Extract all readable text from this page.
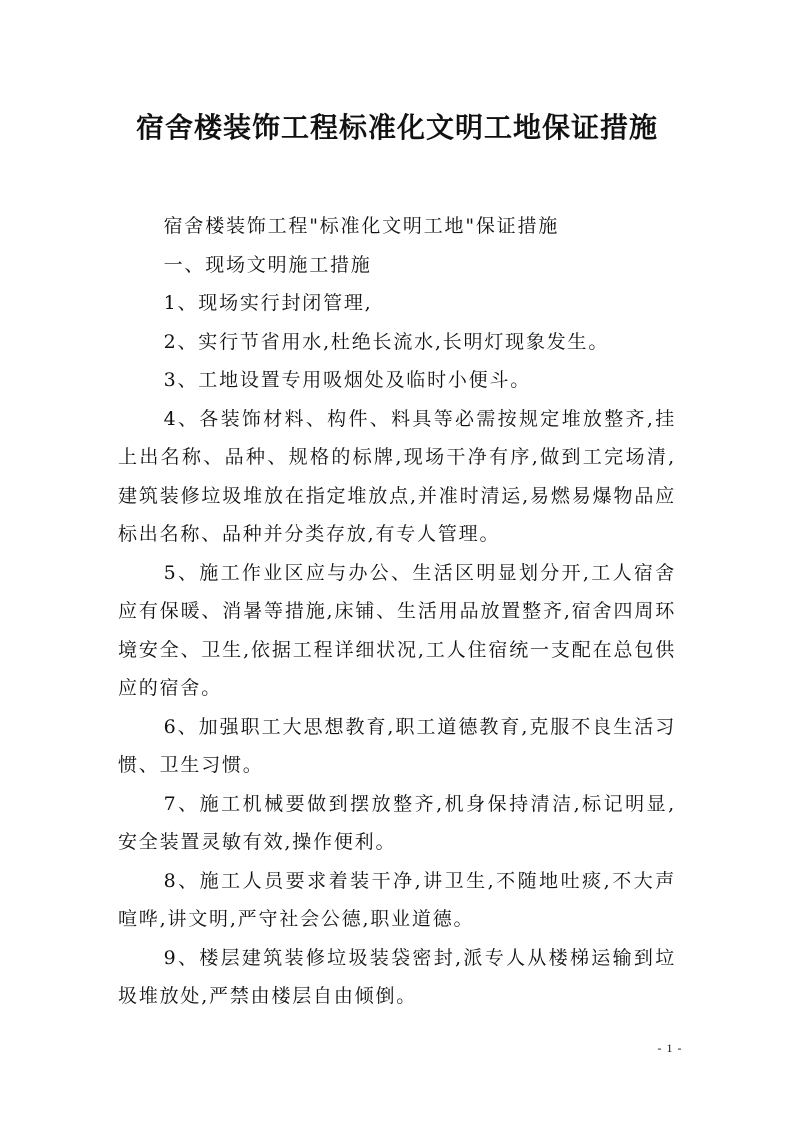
宿舍楼装饰工程标准化文明工地保证措施

宿舍楼装饰工程"标准化文明工地"保证措施

一、现场文明施工措施

1、现场实行封闭管理,

2、实行节省用水,杜绝长流水,长明灯现象发生。

3、工地设置专用吸烟处及临时小便斗。

4、各装饰材料、构件、料具等必需按规定堆放整齐,挂上出名称、品种、规格的标牌,现场干净有序,做到工完场清,建筑装修垃圾堆放在指定堆放点,并准时清运,易燃易爆物品应标出名称、品种并分类存放,有专人管理。

5、施工作业区应与办公、生活区明显划分开,工人宿舍应有保暖、消暑等措施,床铺、生活用品放置整齐,宿舍四周环境安全、卫生,依据工程详细状况,工人住宿统一支配在总包供应的宿舍。

6、加强职工大思想教育,职工道德教育,克服不良生活习惯、卫生习惯。

7、施工机械要做到摆放整齐,机身保持清洁,标记明显,安全装置灵敏有效,操作便利。

8、施工人员要求着装干净,讲卫生,不随地吐痰,不大声喧哗,讲文明,严守社会公德,职业道德。

9、楼层建筑装修垃圾装袋密封,派专人从楼梯运输到垃圾堆放处,严禁由楼层自由倾倒。

- 1 -
